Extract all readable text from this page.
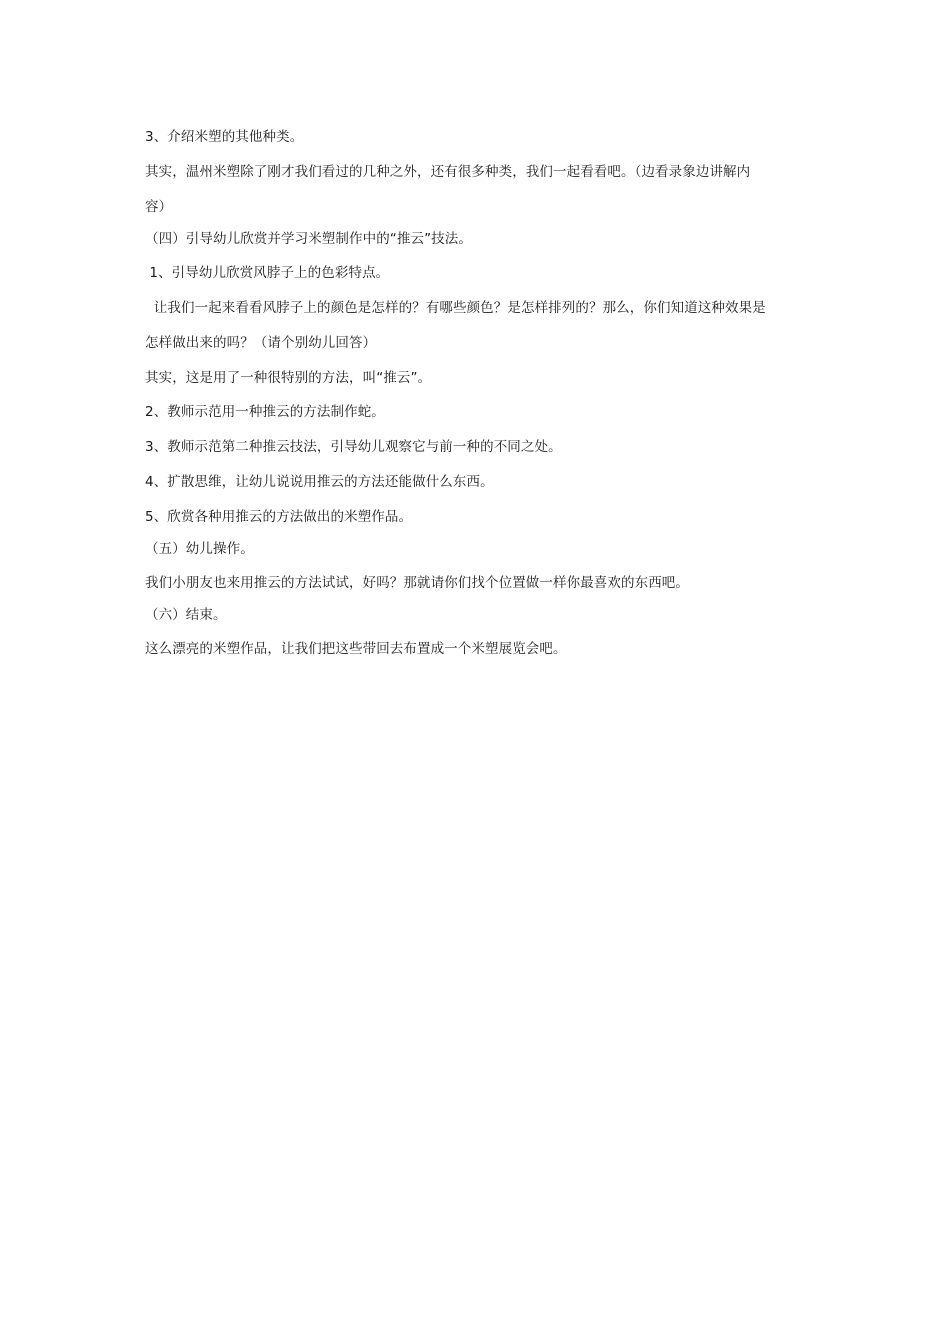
3、介绍米塑的其他种类。
其实，温州米塑除了刚才我们看过的几种之外，还有很多种类，我们一起看看吧。（边看录象边讲解内
容）
（四）引导幼儿欣赏并学习米塑制作中的“推云”技法。
1、引导幼儿欣赏风脖子上的色彩特点。
让我们一起来看看风脖子上的颜色是怎样的？有哪些颜色？是怎样排列的？那么，你们知道这种效果是
怎样做出来的吗？（请个别幼儿回答）
其实，这是用了一种很特别的方法，叫“推云”。
2、教师示范用一种推云的方法制作蛇。
3、教师示范第二种推云技法，引导幼儿观察它与前一种的不同之处。
4、扩散思维，让幼儿说说用推云的方法还能做什么东西。
5、欣赏各种用推云的方法做出的米塑作品。
（五）幼儿操作。
我们小朋友也来用推云的方法试试，好吗？那就请你们找个位置做一样你最喜欢的东西吧。
（六）结束。
这么漂亮的米塑作品，让我们把这些带回去布置成一个米塑展览会吧。
